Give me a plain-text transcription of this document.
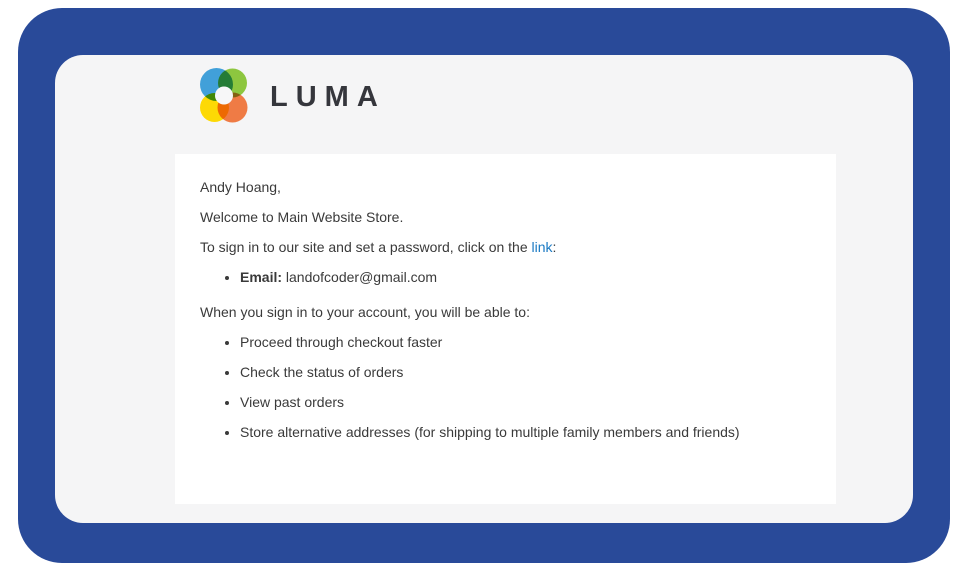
LUMA

Andy Hoang,

Welcome to Main Website Store.

To sign in to our site and set a password, click on the link:

• Email: landofcoder@gmail.com

When you sign in to your account, you will be able to:

• Proceed through checkout faster
• Check the status of orders
• View past orders
• Store alternative addresses (for shipping to multiple family members and friends)
